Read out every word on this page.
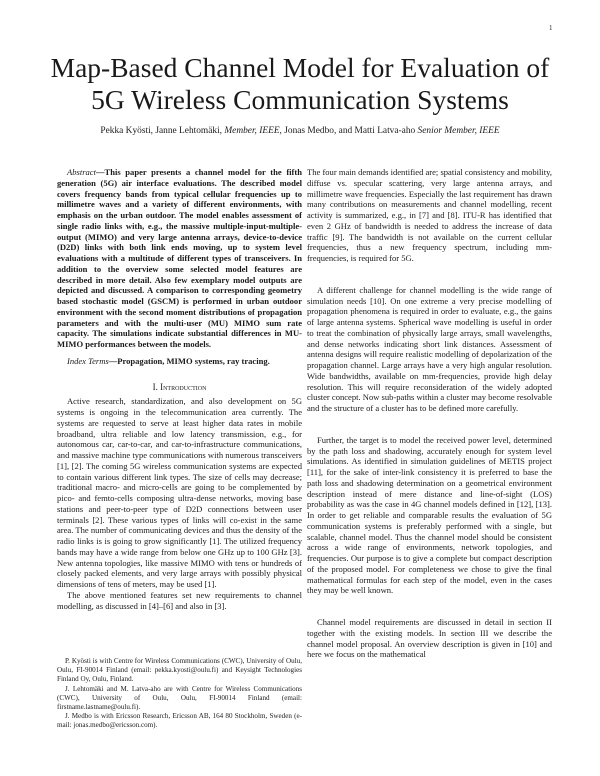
1
Map-Based Channel Model for Evaluation of 5G Wireless Communication Systems
Pekka Kyösti, Janne Lehtomäki, Member, IEEE, Jonas Medbo, and Matti Latva-aho Senior Member, IEEE

Abstract—This paper presents a channel model for the fifth generation (5G) air interface evaluations. The described model covers frequency bands from typical cellular frequencies up to millimetre waves and a variety of different environments, with emphasis on the urban outdoor. The model enables assessment of single radio links with, e.g., the massive multiple-input-multiple-output (MIMO) and very large antenna arrays, device-to-device (D2D) links with both link ends moving, up to system level evaluations with a multitude of different types of transceivers. In addition to the overview some selected model features are described in more detail. Also few exemplary model outputs are depicted and discussed. A comparison to corresponding geometry based stochastic model (GSCM) is performed in urban outdoor environment with the second moment distributions of propagation parameters and with the multi-user (MU) MIMO sum rate capacity. The simulations indicate substantial differences in MU-MIMO performances between the models.

Index Terms—Propagation, MIMO systems, ray tracing.

I. Introduction

Active research, standardization, and also development on 5G systems is ongoing in the telecommunication area currently. The systems are requested to serve at least higher data rates in mobile broadband, ultra reliable and low latency transmission, e.g., for autonomous car, car-to-car, and car-to-infrastructure communications, and massive machine type communications with numerous transceivers [1], [2]. The coming 5G wireless communication systems are expected to contain various different link types. The size of cells may decrease; traditional macro- and micro-cells are going to be complemented by pico- and femto-cells composing ultra-dense networks, moving base stations and peer-to-peer type of D2D connections between user terminals [2]. These various types of links will co-exist in the same area. The number of communicating devices and thus the density of the radio links is is going to grow significantly [1]. The utilized frequency bands may have a wide range from below one GHz up to 100 GHz [3]. New antenna topologies, like massive MIMO with tens or hundreds of closely packed elements, and very large arrays with possibly physical dimensions of tens of meters, may be used [1].

The above mentioned features set new requirements to channel modelling, as discussed in [4]–[6] and also in [3].

P. Kyösti is with Centre for Wireless Communications (CWC), University of Oulu, Oulu, FI-90014 Finland (email: pekka.kyosti@oulu.fi) and Keysight Technologies Finland Oy, Oulu, Finland.

J. Lehtomäki and M. Latva-aho are with Centre for Wireless Communications (CWC), University of Oulu, Oulu, FI-90014 Finland (email: firstname.lastname@oulu.fi).

J. Medbo is with Ericsson Research, Ericsson AB, 164 80 Stockholm, Sweden (e-mail: jonas.medbo@ericsson.com).

The four main demands identified are; spatial consistency and mobility, diffuse vs. specular scattering, very large antenna arrays, and millimetre wave frequencies. Especially the last requirement has drawn many contributions on measurements and channel modelling, recent activity is summarized, e.g., in [7] and [8]. ITU-R has identified that even 2 GHz of bandwidth is needed to address the increase of data traffic [9]. The bandwidth is not available on the current cellular frequencies, thus a new frequency spectrum, including mm-frequencies, is required for 5G.

A different challenge for channel modelling is the wide range of simulation needs [10]. On one extreme a very precise modelling of propagation phenomena is required in order to evaluate, e.g., the gains of large antenna systems. Spherical wave modelling is useful in order to treat the combination of physically large arrays, small wavelengths, and dense networks indicating short link distances. Assessment of antenna designs will require realistic modelling of depolarization of the propagation channel. Large arrays have a very high angular resolution. Wide bandwidths, available on mm-frequencies, provide high delay resolution. This will require reconsideration of the widely adopted cluster concept. Now sub-paths within a cluster may become resolvable and the structure of a cluster has to be defined more carefully.

Further, the target is to model the received power level, determined by the path loss and shadowing, accurately enough for system level simulations. As identified in simulation guidelines of METIS project [11], for the sake of inter-link consistency it is preferred to base the path loss and shadowing determination on a geometrical environment description instead of mere distance and line-of-sight (LOS) probability as was the case in 4G channel models defined in [12], [13]. In order to get reliable and comparable results the evaluation of 5G communication systems is preferably performed with a single, but scalable, channel model. Thus the channel model should be consistent across a wide range of environments, network topologies, and frequencies. Our purpose is to give a complete but compact description of the proposed model. For completeness we chose to give the final mathematical formulas for each step of the model, even in the cases they may be well known.

Channel model requirements are discussed in detail in section II together with the existing models. In section III we describe the channel model proposal. An overview description is given in [10] and here we focus on the mathematical
